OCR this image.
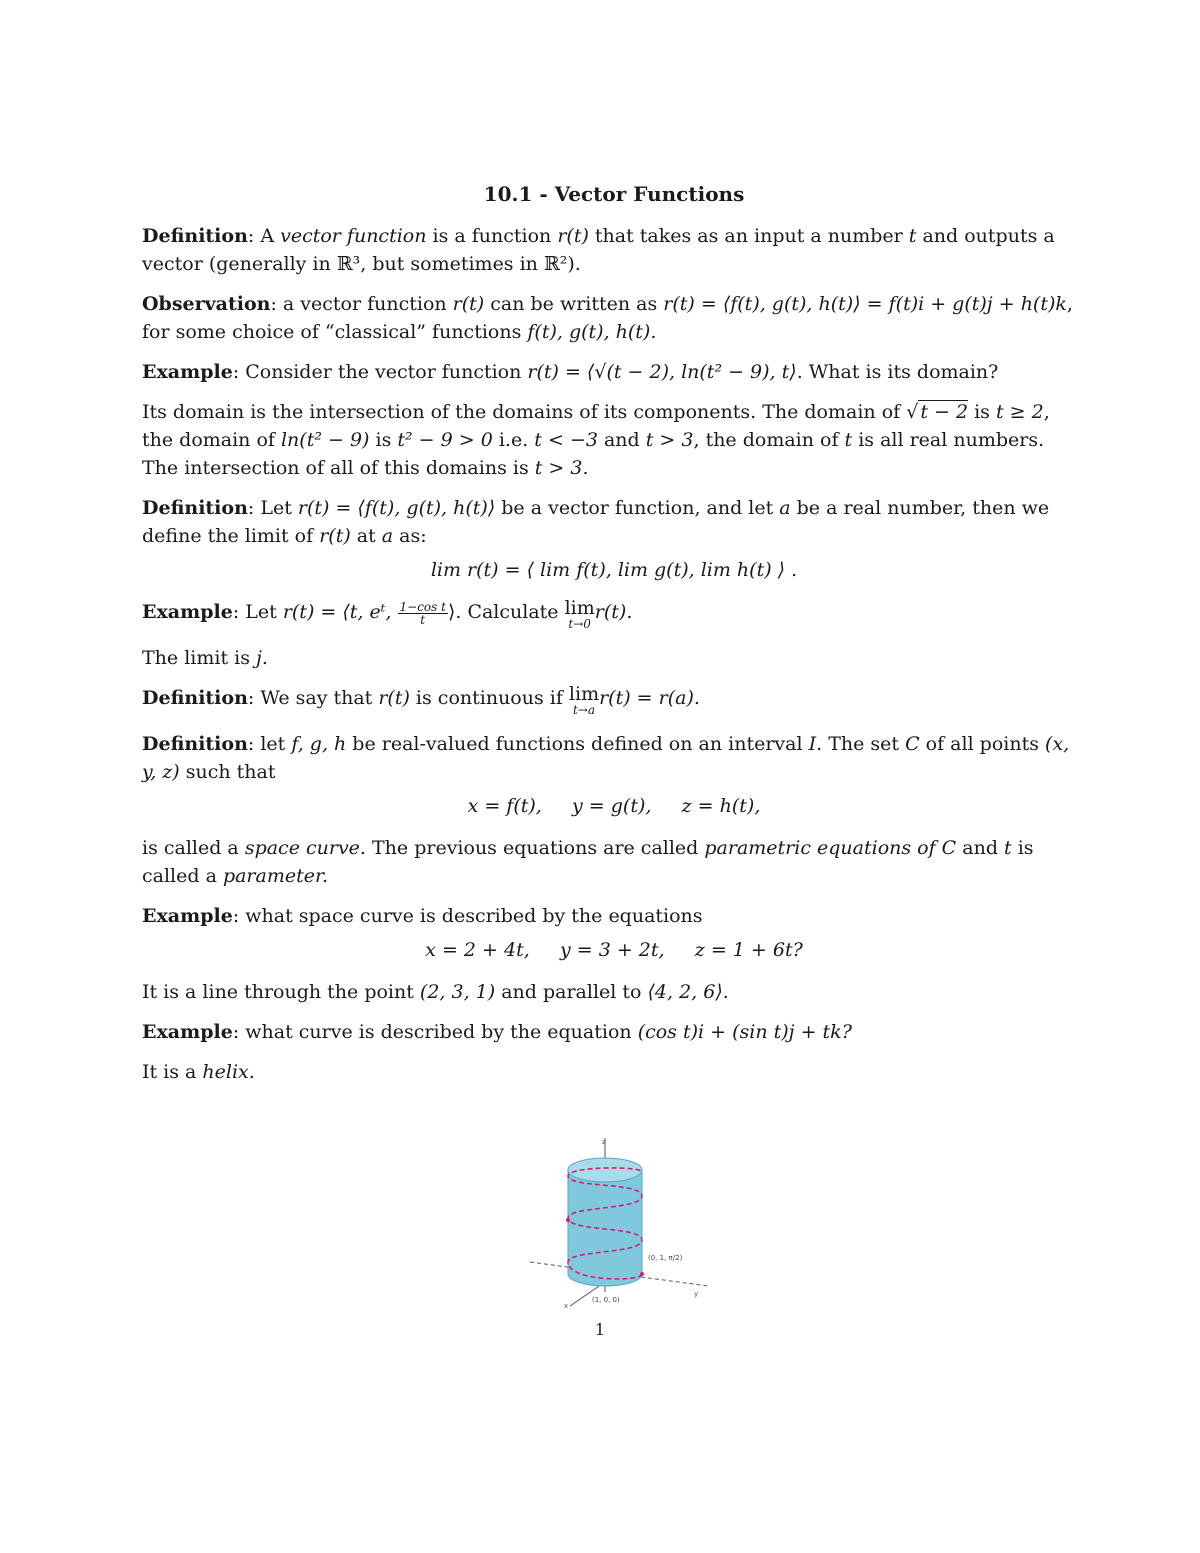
10.1 - Vector Functions

Definition: A vector function is a function r(t) that takes as an input a number t and outputs a vector (generally in ℝ³, but sometimes in ℝ²).

Observation: a vector function r(t) can be written as r(t) = ⟨f(t), g(t), h(t)⟩ = f(t)i + g(t)j + h(t)k, for some choice of “classical” functions f(t), g(t), h(t).

Example: Consider the vector function r(t) = ⟨√(t − 2), ln(t² − 9), t⟩. What is its domain?

Its domain is the intersection of the domains of its components. The domain of √ t − 2 is t ≥ 2, the domain of ln(t² − 9) is t² − 9 > 0 i.e. t < −3 and t > 3, the domain of t is all real numbers. The intersection of all of this domains is t > 3.

Definition: Let r(t) = ⟨f(t), g(t), h(t)⟩ be a vector function, and let a be a real number, then we define the limit of r(t) at a as:

lim r(t) = ⟨ lim f(t), lim g(t), lim h(t) ⟩ .

Example: Let r(t) = ⟨t, eᵗ, $\frac{\text{1−cos t}}{t}$ ⟩. Calculate lim
t→0
r(t).

The limit is j.

Definition: We say that r(t) is continuous if lim
t→a
r(t) = r(a).

Definition: let f, g, h be real-valued functions defined on an interval I. The set C of all points (x, y, z) such that

x = f(t),     y = g(t),     z = h(t),

is called a space curve. The previous equations are called parametric equations of C and t is called a parameter.

Example: what space curve is described by the equations

x = 2 + 4t,     y = 3 + 2t,     z = 1 + 6t?

It is a line through the point (2, 3, 1) and parallel to ⟨4, 2, 6⟩.

Example: what curve is described by the equation (cos t)i + (sin t)j + tk?

It is a helix.

z
y
x
(0, 1, π/2)
(1, 0, 0)
1
